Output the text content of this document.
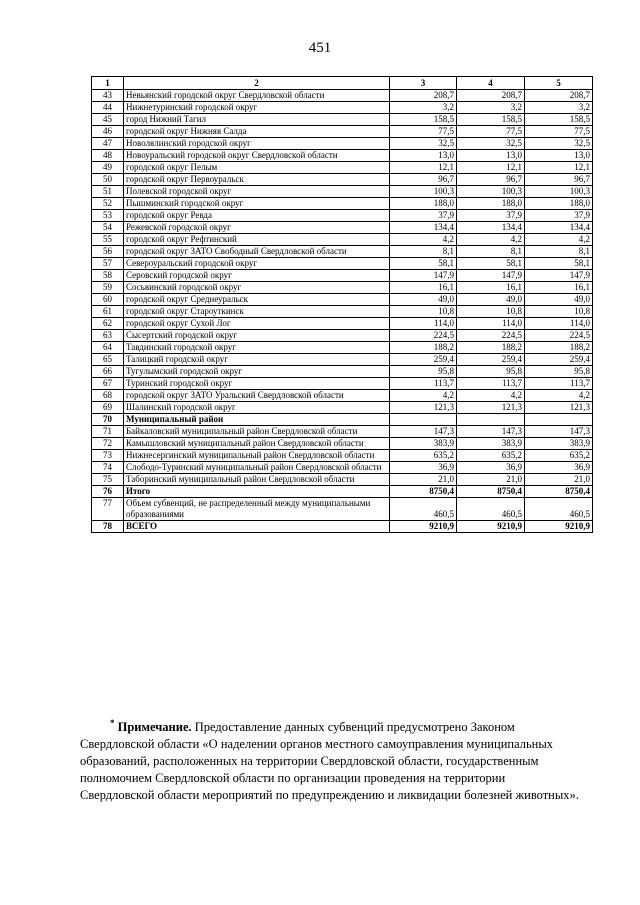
451
1	2	3	4	5
43	Невьянский городской округ Свердловской области	208,7	208,7	208,7
44	Нижнетуринский городской округ	3,2	3,2	3,2
45	город Нижний Тагил	158,5	158,5	158,5
46	городской округ Нижняя Салда	77,5	77,5	77,5
47	Новолялинский городской округ	32,5	32,5	32,5
48	Новоуральский городской округ Свердловской области	13,0	13,0	13,0
49	городской округ Пелым	12,1	12,1	12,1
50	городской округ Первоуральск	96,7	96,7	96,7
51	Полевской городской округ	100,3	100,3	100,3
52	Пышминский городской округ	188,0	188,0	188,0
53	городской округ Ревда	37,9	37,9	37,9
54	Режевской городской округ	134,4	134,4	134,4
55	городской округ Рефтинский	4,2	4,2	4,2
56	городской округ ЗАТО Свободный Свердловской области	8,1	8,1	8,1
57	Североуральский городской округ	58,1	58,1	58,1
58	Серовский городской округ	147,9	147,9	147,9
59	Сосьвинский городской округ	16,1	16,1	16,1
60	городской округ Среднеуральск	49,0	49,0	49,0
61	городской округ Староуткинск	10,8	10,8	10,8
62	городской округ Сухой Лог	114,0	114,0	114,0
63	Сысертский городской округ	224,5	224,5	224,5
64	Тавдинский городской округ	188,2	188,2	188,2
65	Талицкий городской округ	259,4	259,4	259,4
66	Тугулымский городской округ	95,8	95,8	95,8
67	Туринский городской округ	113,7	113,7	113,7
68	городской округ ЗАТО Уральский Свердловской области	4,2	4,2	4,2
69	Шалинский городской округ	121,3	121,3	121,3
70	Муниципальный район			
71	Байкаловский муниципальный район Свердловской области	147,3	147,3	147,3
72	Камышловский муниципальный район Свердловской области	383,9	383,9	383,9
73	Нижнесергинский муниципальный район Свердловской области	635,2	635,2	635,2
74	Слободо-Туринский муниципальный район Свердловской области	36,9	36,9	36,9
75	Таборинский муниципальный район Свердловской области	21,0	21,0	21,0
76	Итого	8750,4	8750,4	8750,4
77	Объем субвенций, не распределенный между муниципальными образованиями	460,5	460,5	460,5
78	ВСЕГО	9210,9	9210,9	9210,9
* Примечание. Предоставление данных субвенций предусмотрено Законом Свердловской области «О наделении органов местного самоуправления муниципальных образований, расположенных на территории Свердловской области, государственным полномочием Свердловской области по организации проведения на территории Свердловской области мероприятий по предупреждению и ликвидации болезней животных».
